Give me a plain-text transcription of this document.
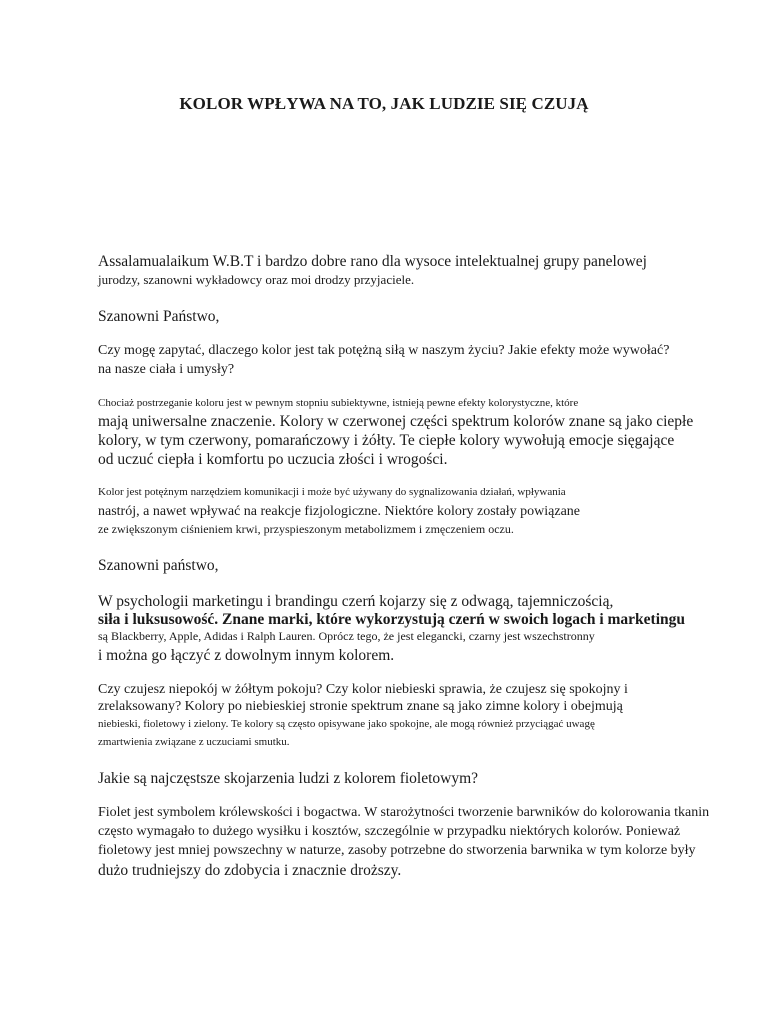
KOLOR WPŁYWA NA TO, JAK LUDZIE SIĘ CZUJĄ
Assalamualaikum W.B.T i bardzo dobre rano dla wysoce intelektualnej grupy panelowej
jurodzy, szanowni wykładowcy oraz moi drodzy przyjaciele.
Szanowni Państwo,
Czy mogę zapytać, dlaczego kolor jest tak potężną siłą w naszym życiu? Jakie efekty może wywołać?
na nasze ciała i umysły?
Chociaż postrzeganie koloru jest w pewnym stopniu subiektywne, istnieją pewne efekty kolorystyczne, które
mają uniwersalne znaczenie. Kolory w czerwonej części spektrum kolorów znane są jako ciepłe
kolory, w tym czerwony, pomarańczowy i żółty. Te ciepłe kolory wywołują emocje sięgające
od uczuć ciepła i komfortu po uczucia złości i wrogości.
Kolor jest potężnym narzędziem komunikacji i może być używany do sygnalizowania działań, wpływania
nastrój, a nawet wpływać na reakcje fizjologiczne. Niektóre kolory zostały powiązane
ze zwiększonym ciśnieniem krwi, przyspieszonym metabolizmem i zmęczeniem oczu.
Szanowni państwo,
W psychologii marketingu i brandingu czerń kojarzy się z odwagą, tajemniczością,
siła i luksusowość. Znane marki, które wykorzystują czerń w swoich logach i marketingu
są Blackberry, Apple, Adidas i Ralph Lauren. Oprócz tego, że jest elegancki, czarny jest wszechstronny
i można go łączyć z dowolnym innym kolorem.
Czy czujesz niepokój w żółtym pokoju? Czy kolor niebieski sprawia, że czujesz się spokojny i
zrelaksowany? Kolory po niebieskiej stronie spektrum znane są jako zimne kolory i obejmują
niebieski, fioletowy i zielony. Te kolory są często opisywane jako spokojne, ale mogą również przyciągać uwagę
zmartwienia związane z uczuciami smutku.
Jakie są najczęstsze skojarzenia ludzi z kolorem fioletowym?
Fiolet jest symbolem królewskości i bogactwa. W starożytności tworzenie barwników do kolorowania tkanin
często wymagało to dużego wysiłku i kosztów, szczególnie w przypadku niektórych kolorów. Ponieważ
fioletowy jest mniej powszechny w naturze, zasoby potrzebne do stworzenia barwnika w tym kolorze były
dużo trudniejszy do zdobycia i znacznie droższy.
